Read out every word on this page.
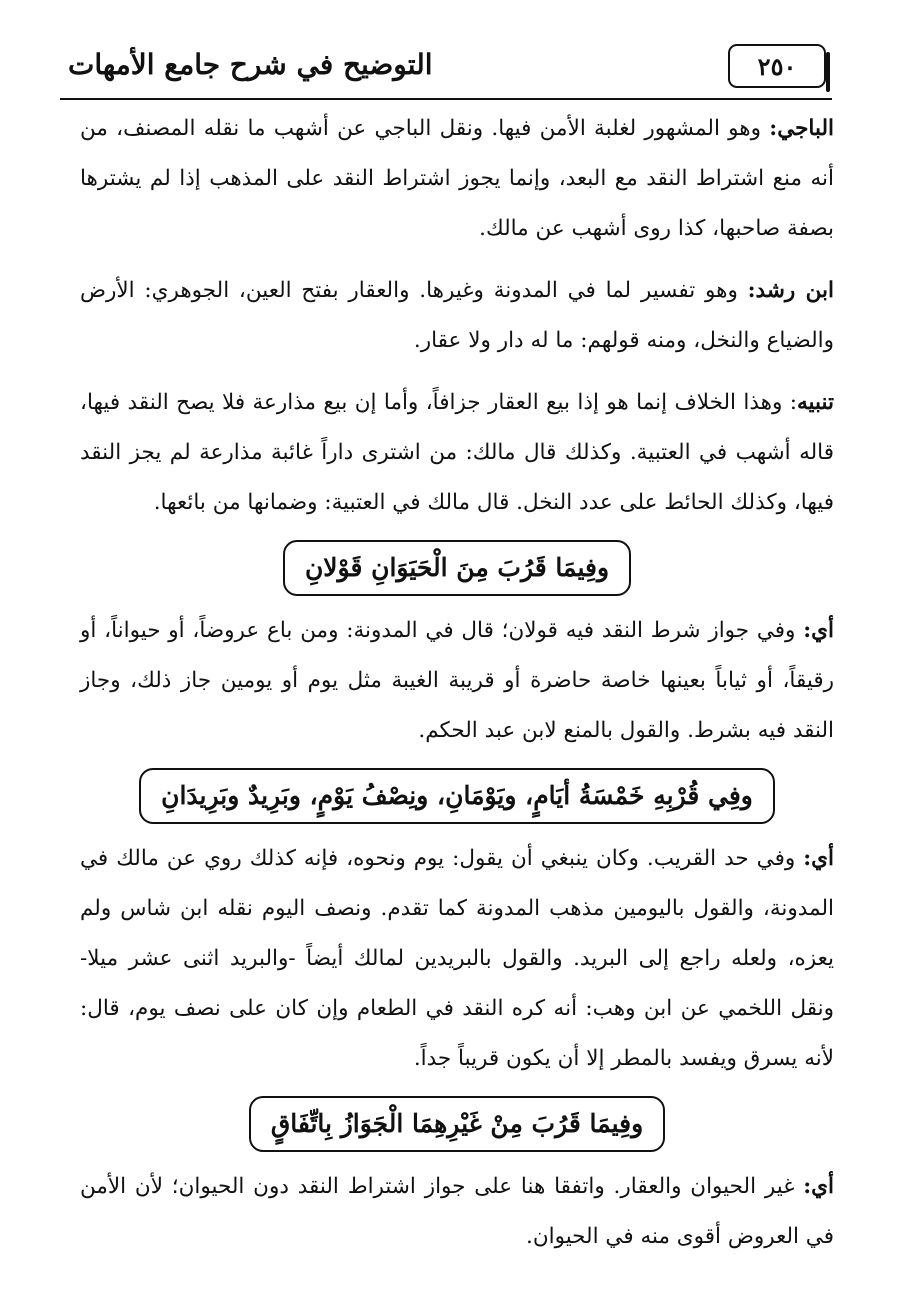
٢٥٠
التوضيح في شرح جامع الأمهات

الباجي: وهو المشهور لغلبة الأمن فيها. ونقل الباجي عن أشهب ما نقله المصنف، من أنه منع اشتراط النقد مع البعد، وإنما يجوز اشتراط النقد على المذهب إذا لم يشترها بصفة صاحبها، كذا روى أشهب عن مالك.

ابن رشد: وهو تفسير لما في المدونة وغيرها. والعقار بفتح العين، الجوهري: الأرض والضياع والنخل، ومنه قولهم: ما له دار ولا عقار.

تنبيه: وهذا الخلاف إنما هو إذا بيع العقار جزافاً، وأما إن بيع مذارعة فلا يصح النقد فيها، قاله أشهب في العتبية. وكذلك قال مالك: من اشترى داراً غائبة مذارعة لم يجز النقد فيها، وكذلك الحائط على عدد النخل. قال مالك في العتبية: وضمانها من بائعها.

وفِيمَا قَرُبَ مِنَ الْحَيَوَانِ قَوْلانِ

أي: وفي جواز شرط النقد فيه قولان؛ قال في المدونة: ومن باع عروضاً، أو حيواناً، أو رقيقاً، أو ثياباً بعينها خاصة حاضرة أو قريبة الغيبة مثل يوم أو يومين جاز ذلك، وجاز النقد فيه بشرط. والقول بالمنع لابن عبد الحكم.

وفِي قُرْبِهِ خَمْسَةُ أيَامٍ، ويَوْمَانِ، ونِصْفُ يَوْمٍ، وبَرِيدٌ وبَرِيدَانِ

أي: وفي حد القريب. وكان ينبغي أن يقول: يوم ونحوه، فإنه كذلك روي عن مالك في المدونة، والقول باليومين مذهب المدونة كما تقدم. ونصف اليوم نقله ابن شاس ولم يعزه، ولعله راجع إلى البريد. والقول بالبريدين لمالك أيضاً -والبريد اثنى عشر ميلا- ونقل اللخمي عن ابن وهب: أنه كره النقد في الطعام وإن كان على نصف يوم، قال: لأنه يسرق ويفسد بالمطر إلا أن يكون قريباً جداً.

وفِيمَا قَرُبَ مِنْ غَيْرِهِمَا الْجَوَازُ بِاتِّفَاقٍ

أي: غير الحيوان والعقار. واتفقا هنا على جواز اشتراط النقد دون الحيوان؛ لأن الأمن في العروض أقوى منه في الحيوان.
